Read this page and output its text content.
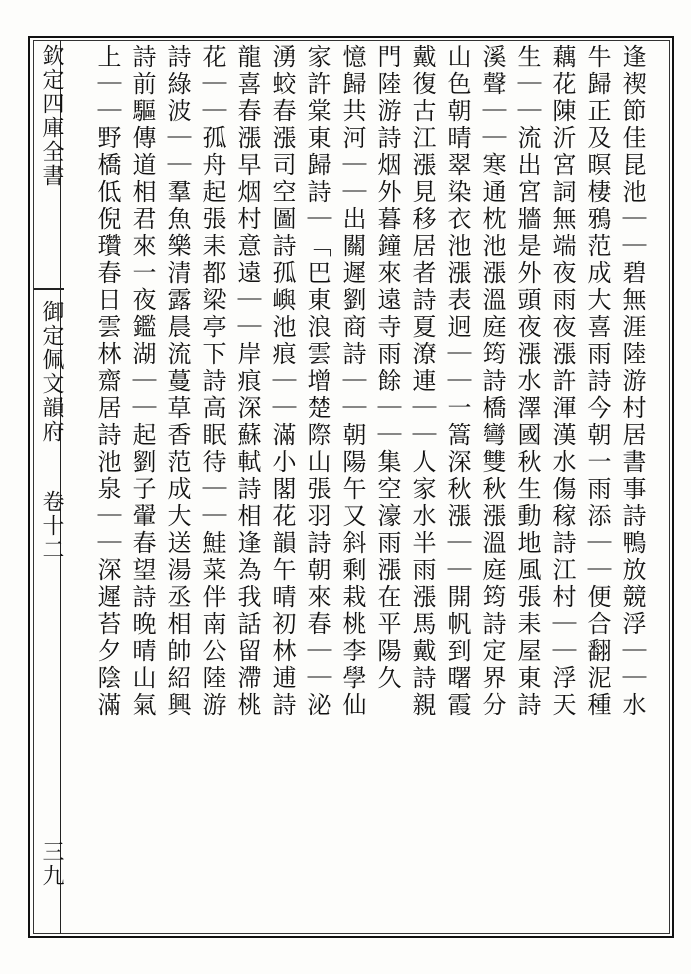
欽定四庫全書
御定佩文韻府
卷十二
三九
逢禊節佳昆池｜｜碧無涯陸游村居書事詩鴨放競浮｜｜水
牛歸正及暝棲鴉范成大喜雨詩今朝一雨添｜｜便合翻泥種
藕花陳沂宮詞無端夜雨夜漲許渾漢水傷稼詩江村｜｜浮天
生｜｜流出宮牆是外頭夜漲水澤國秋生動地風張耒屋東詩
溪聲｜｜寒通枕池漲溫庭筠詩橋彎雙秋漲溫庭筠詩定界分
山色朝晴翠染衣池漲表迥｜｜一篙深秋漲｜｜開帆到曙霞
戴復古江漲見移居者詩夏潦連｜｜人家水半雨漲馬戴詩親
門陸游詩烟外暮鐘來遠寺雨餘｜｜集空濠雨漲在平陽久
憶歸共河｜｜出關遲劉商詩｜｜朝陽午又斜剩栽桃李學仙
家許棠東歸詩｜「巴東浪雲增楚際山張羽詩朝來春｜｜泌
湧蛟春漲司空圖詩孤嶼池痕｜｜滿小閣花韻午晴初林逋詩
龍喜春漲早烟村意遠｜｜岸痕深蘇軾詩相逢為我話留滯桃
花｜｜孤舟起張耒都梁亭下詩高眠待｜｜鮭菜伴南公陸游
詩綠波｜｜羣魚樂清露晨流蔓草香范成大送湯丞相帥紹興
詩前驅傳道相君來一夜鑑湖｜｜起劉子翬春望詩晚晴山氣
上｜｜野橋低倪瓚春日雲林齋居詩池泉｜｜深遲苔夕陰滿
